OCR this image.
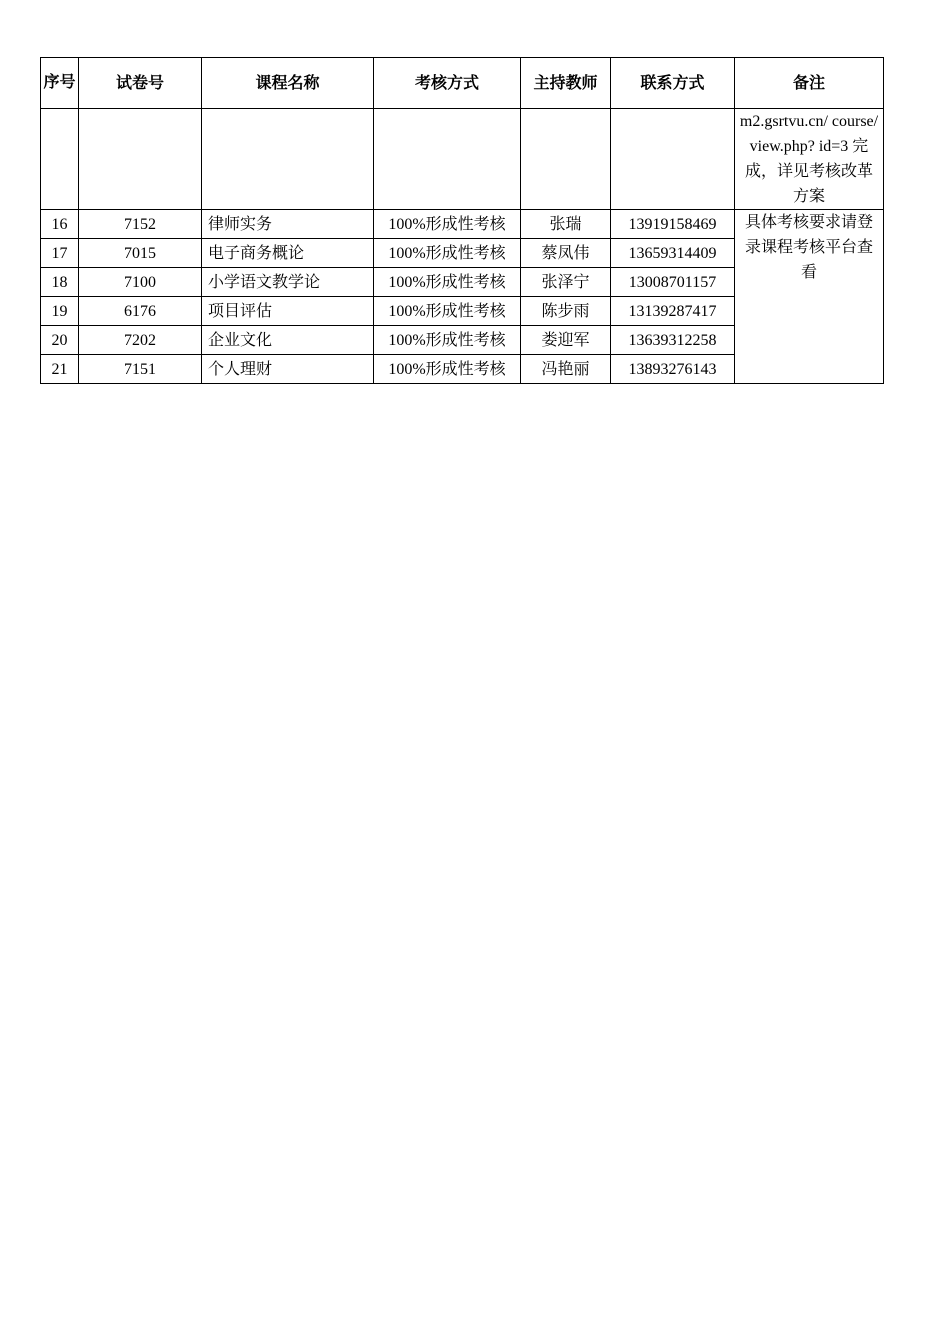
序号	试卷号	课程名称	考核方式	主持教师	联系方式	备注

						m2.gsrtvu.cn/ course/view.php? id=3 完成，详见考核改革方案

16	7152	律师实务	100%形成性考核	张瑞	13919158469	具体考核要求请登录课程考核平台查看

17	7015	电子商务概论	100%形成性考核	蔡凤伟	13659314409	
18	7100	小学语文教学论	100%形成性考核	张泽宁	13008701157	
19	6176	项目评估	100%形成性考核	陈步雨	13139287417	
20	7202	企业文化	100%形成性考核	娄迎军	13639312258	
21	7151	个人理财	100%形成性考核	冯艳丽	13893276143	
